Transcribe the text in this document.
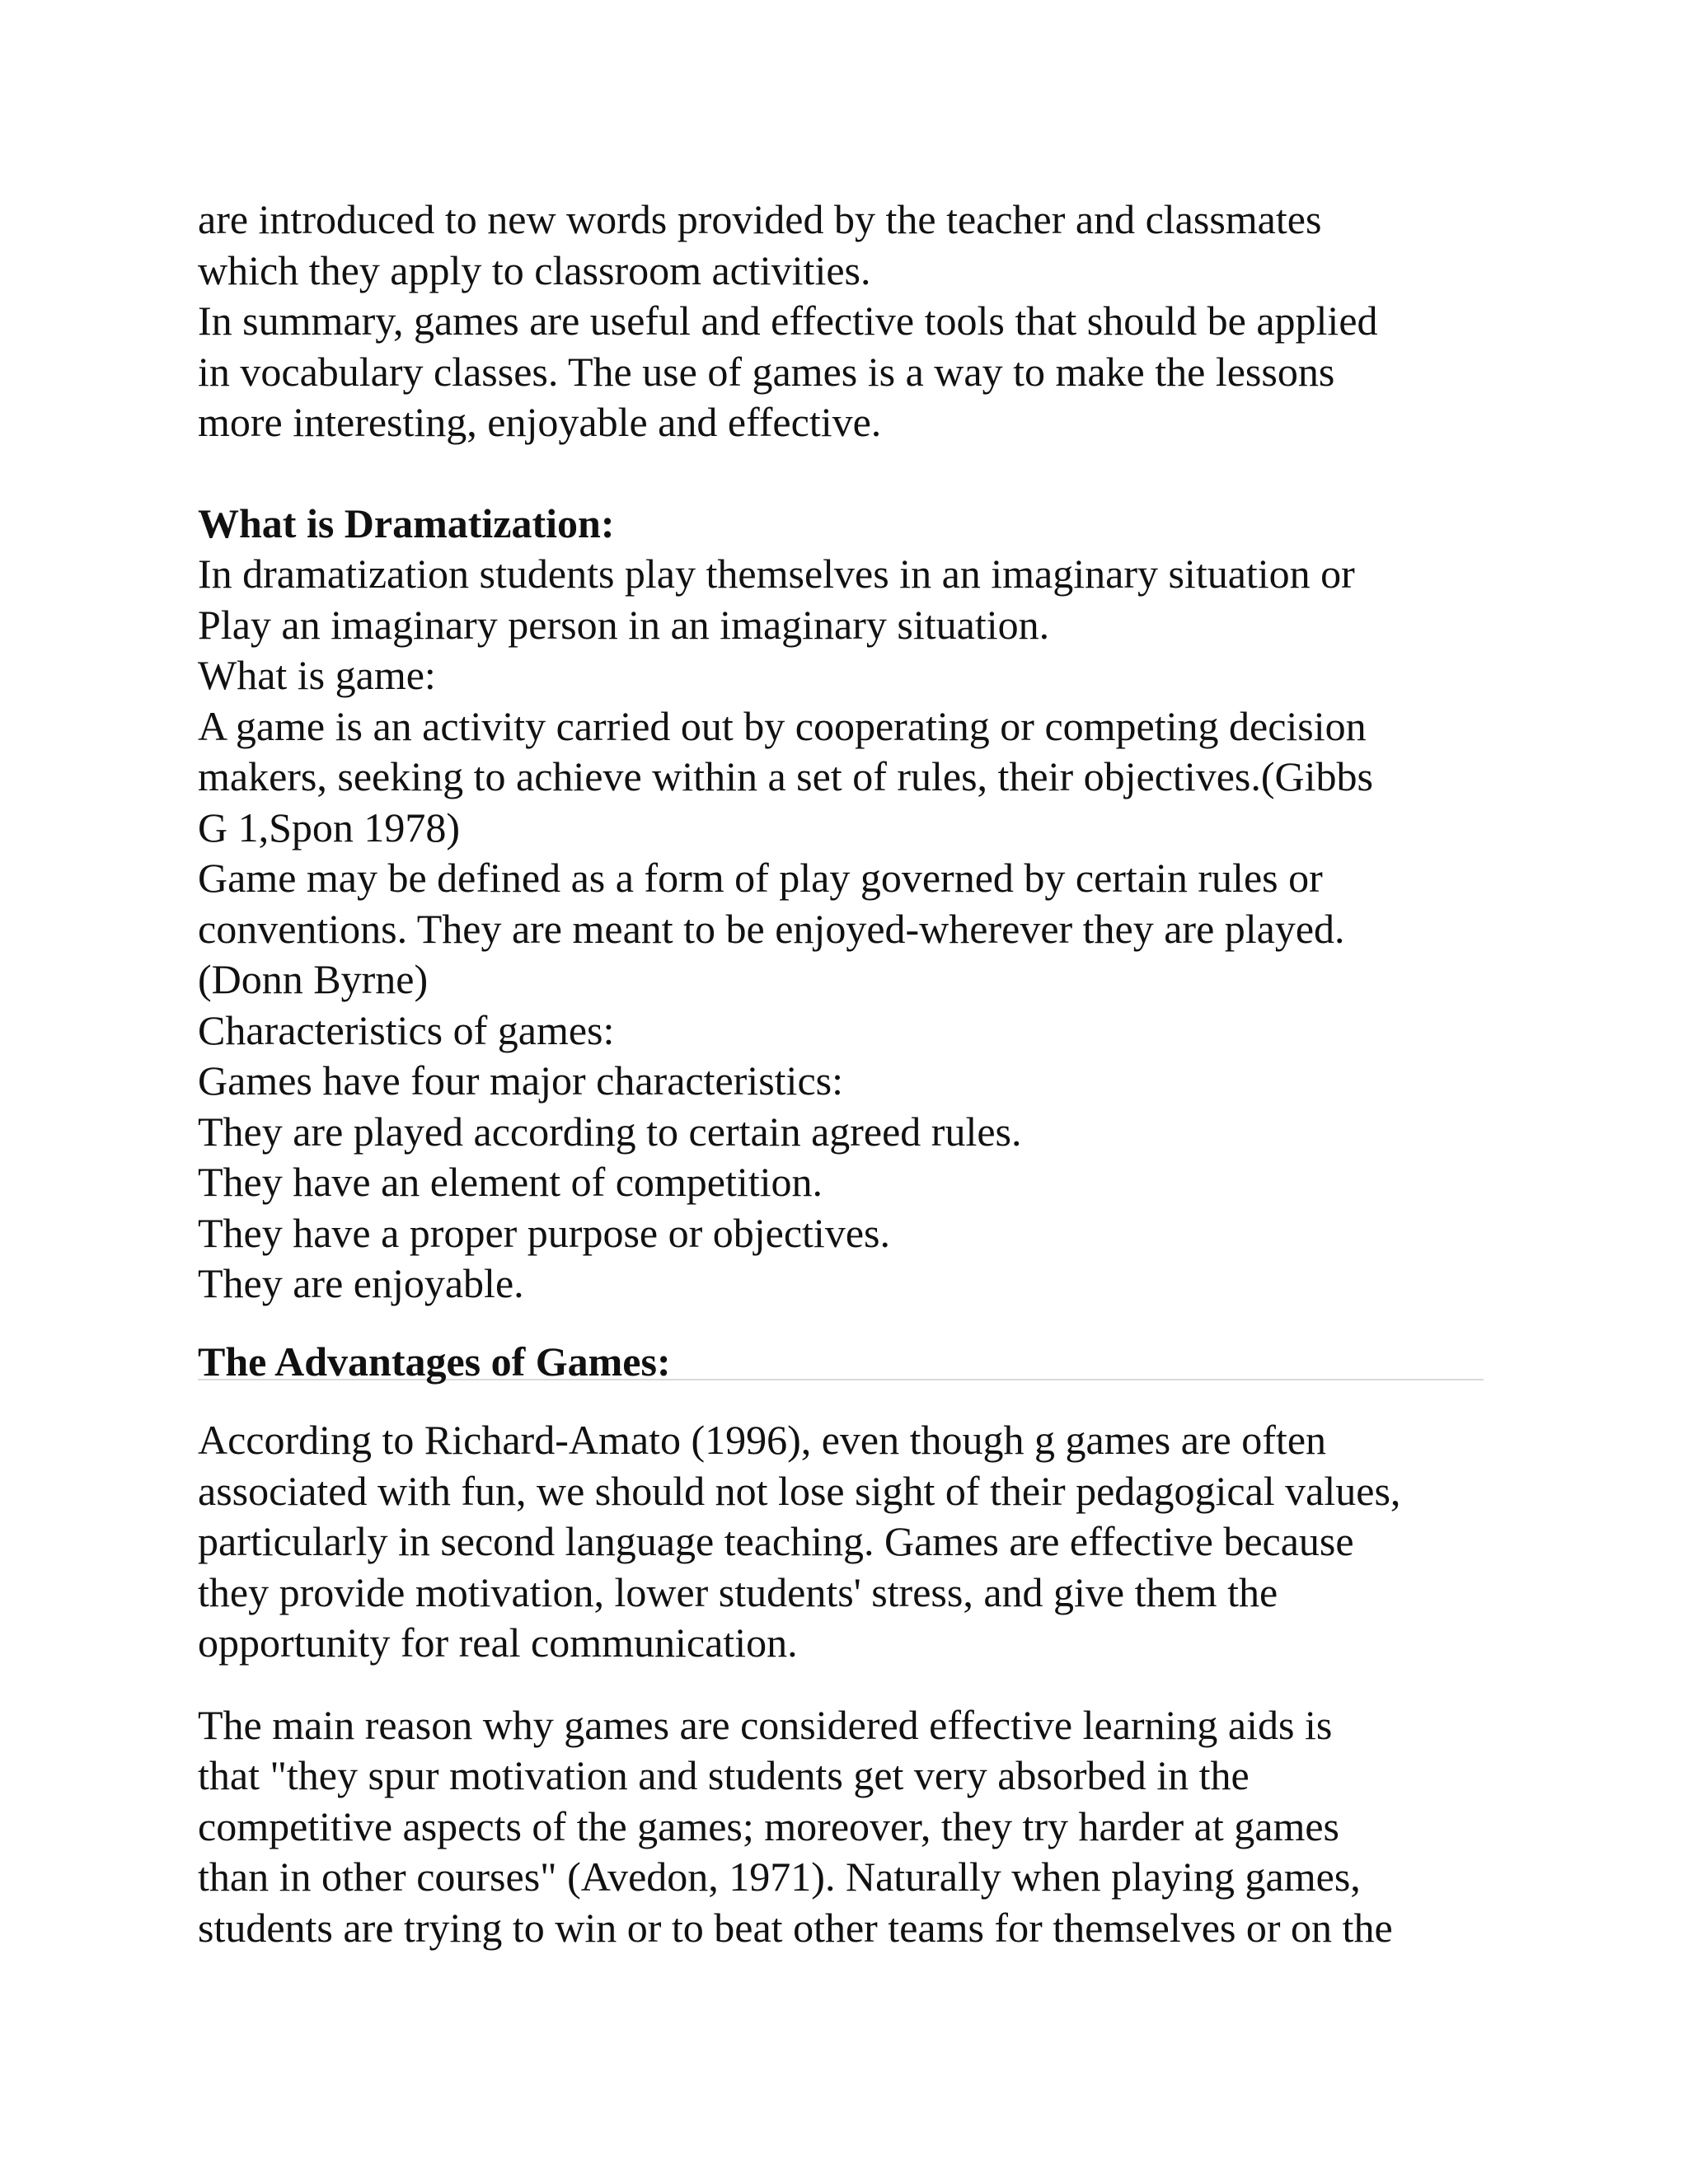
are introduced to new words provided by the teacher and classmates
which they apply to classroom activities.
In summary, games are useful and effective tools that should be applied
in vocabulary classes. The use of games is a way to make the lessons
more interesting, enjoyable and effective.
What is Dramatization:
In dramatization students play themselves in an imaginary situation or
Play an imaginary person in an imaginary situation.
What is game:
A game is an activity carried out by cooperating or competing decision
makers, seeking to achieve within a set of rules, their objectives.(Gibbs
G 1,Spon 1978)
Game may be defined as a form of play governed by certain rules or
conventions. They are meant to be enjoyed-wherever they are played.
(Donn Byrne)
Characteristics of games:
Games have four major characteristics:
They are played according to certain agreed rules.
They have an element of competition.
They have a proper purpose or objectives.
They are enjoyable.
The Advantages of Games:
According to Richard-Amato (1996), even though g games are often
associated with fun, we should not lose sight of their pedagogical values,
particularly in second language teaching. Games are effective because
they provide motivation, lower students' stress, and give them the
opportunity for real communication.
The main reason why games are considered effective learning aids is
that "they spur motivation and students get very absorbed in the
competitive aspects of the games; moreover, they try harder at games
than in other courses" (Avedon, 1971). Naturally when playing games,
students are trying to win or to beat other teams for themselves or on the
